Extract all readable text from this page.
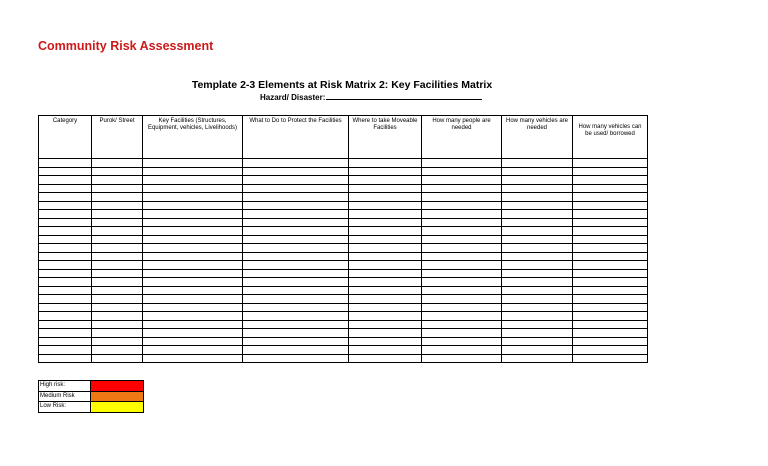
Community Risk Assessment
Template 2-3 Elements at Risk Matrix 2: Key Facilities Matrix
Hazard/ Disaster:
Category	Purok/ Street	Key Facilities (Structures, Equipment, vehicles, Livelihoods)	What to Do to Protect the Facilities	Where to take Moveable Facilities	How many people are needed	How many vehicles are needed	How many vehicles can be used/ borrowed

High risk:	
Medium Risk	
Low Risk:	
